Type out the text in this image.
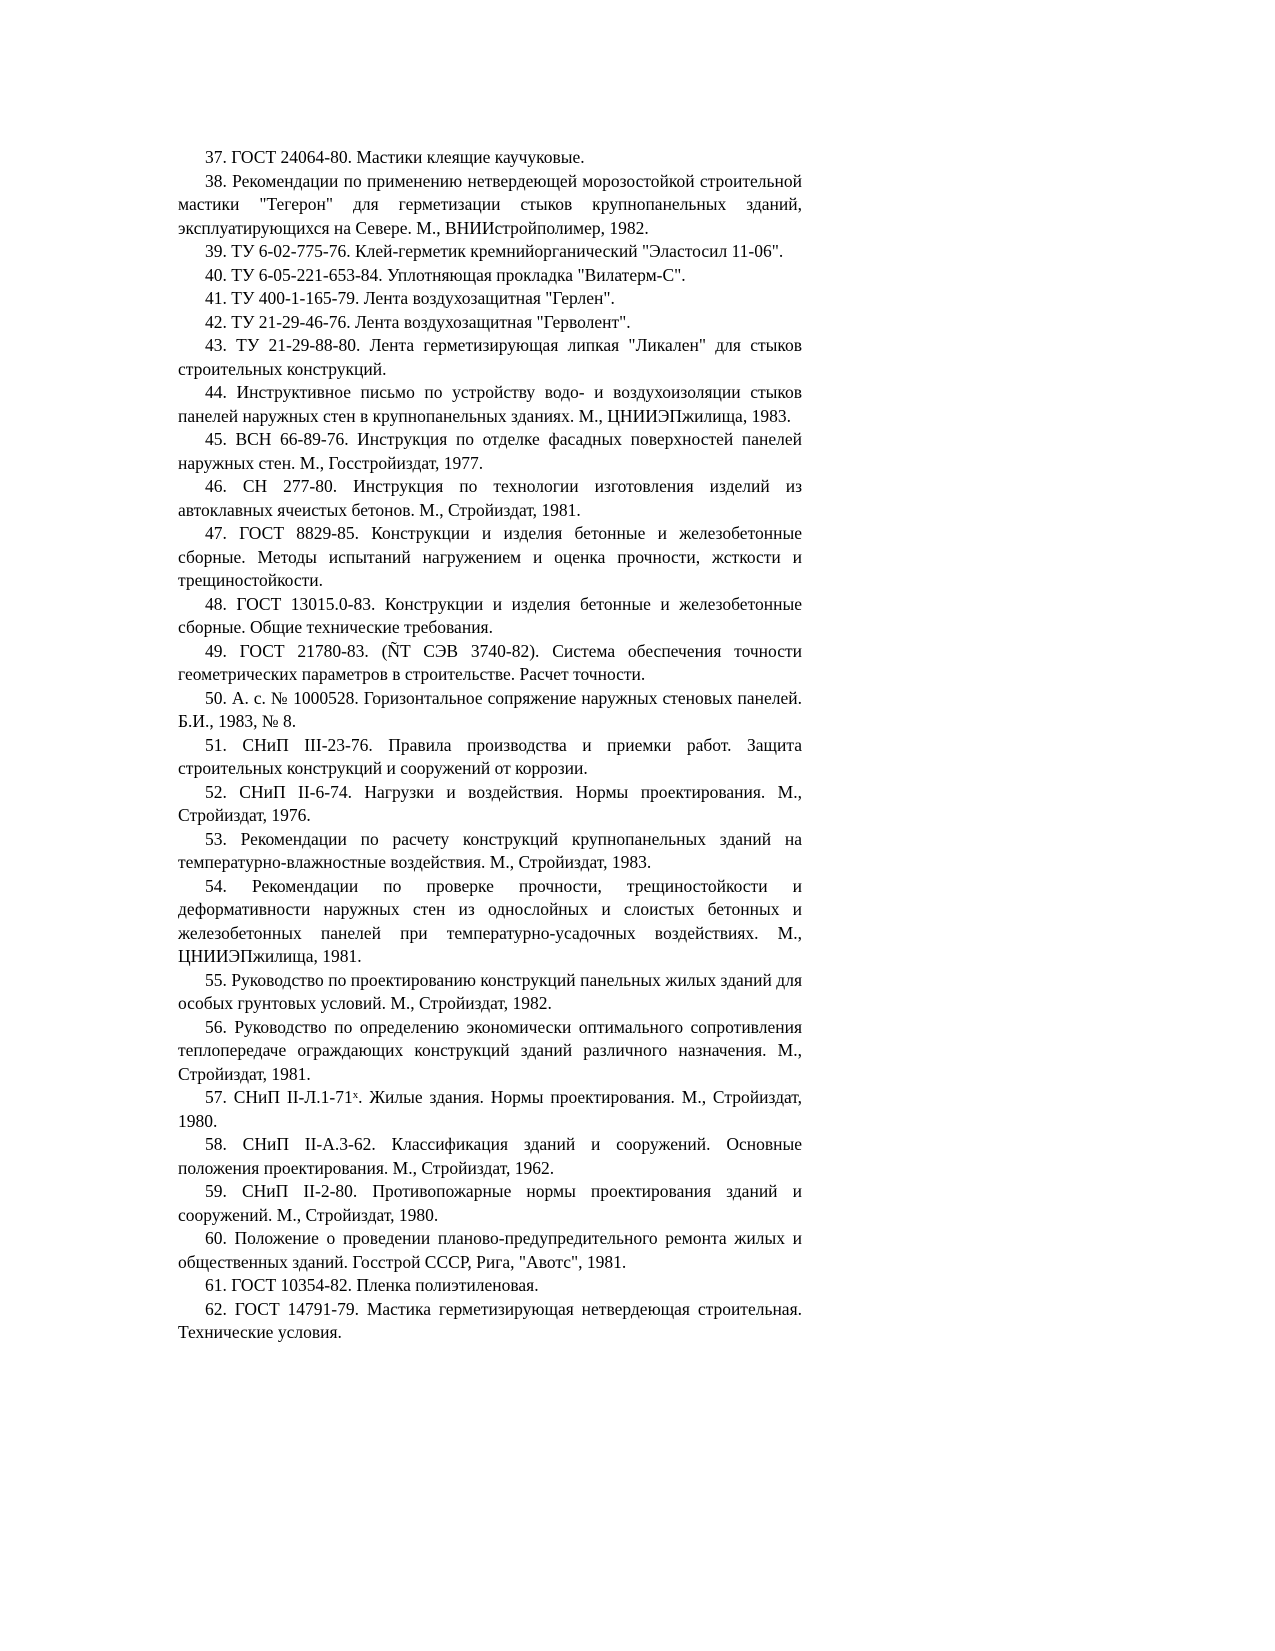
37. ГОСТ 24064-80. Мастики клеящие каучуковые.

38. Рекомендации по применению нетвердеющей морозостойкой строительной мастики "Тегерон" для герметизации стыков крупнопанельных зданий, эксплуатирующихся на Севере. М., ВНИИстройполимер, 1982.

39. ТУ 6-02-775-76. Клей-герметик кремнийорганический "Эластосил 11-06".

40. ТУ 6-05-221-653-84. Уплотняющая прокладка "Вилатерм-С".

41. ТУ 400-1-165-79. Лента воздухозащитная "Герлен".

42. ТУ 21-29-46-76. Лента воздухозащитная "Герволент".

43. ТУ 21-29-88-80. Лента герметизирующая липкая "Ликален" для стыков строительных конструкций.

44. Инструктивное письмо по устройству водо- и воздухоизоляции стыков панелей наружных стен в крупнопанельных зданиях. М., ЦНИИЭПжилища, 1983.

45. ВСН 66-89-76. Инструкция по отделке фасадных поверхностей панелей наружных стен. М., Госстройиздат, 1977.

46. СН 277-80. Инструкция по технологии изготовления изделий из автоклавных ячеистых бетонов. М., Стройиздат, 1981.

47. ГОСТ 8829-85. Конструкции и изделия бетонные и железобетонные сборные. Методы испытаний нагружением и оценка прочности, жсткости и трещиностойкости.

48. ГОСТ 13015.0-83. Конструкции и изделия бетонные и железобетонные сборные. Общие технические требования.

49. ГОСТ 21780-83. (ÑT СЭВ 3740-82). Система обеспечения точности геометрических параметров в строительстве. Расчет точности.

50. А. с. № 1000528. Горизонтальное сопряжение наружных стеновых панелей. Б.И., 1983, № 8.

51. СНиП III-23-76. Правила производства и приемки работ. Защита строительных конструкций и сооружений от коррозии.

52. СНиП II-6-74. Нагрузки и воздействия. Нормы проектирования. М., Стройиздат, 1976.

53. Рекомендации по расчету конструкций крупнопанельных зданий на температурно-влажностные воздействия. М., Стройиздат, 1983.

54. Рекомендации по проверке прочности, трещиностойкости и деформативности наружных стен из однослойных и слоистых бетонных и железобетонных панелей при температурно-усадочных воздействиях. М., ЦНИИЭПжилища, 1981.

55. Руководство по проектированию конструкций панельных жилых зданий для особых грунтовых условий. М., Стройиздат, 1982.

56. Руководство по определению экономически оптимального сопротивления теплопередаче ограждающих конструкций зданий различного назначения. М., Стройиздат, 1981.

57. СНиП $II-Л.1-71^х$. Жилые здания. Нормы проектирования. М., Стройиздат, 1980.

58. СНиП II-А.3-62. Классификация зданий и сооружений. Основные положения проектирования. М., Стройиздат, 1962.

59. СНиП II-2-80. Противопожарные нормы проектирования зданий и сооружений. М., Стройиздат, 1980.

60. Положение о проведении планово-предупредительного ремонта жилых и общественных зданий. Госстрой СССР, Рига, "Авотс", 1981.

61. ГОСТ 10354-82. Пленка полиэтиленовая.

62. ГОСТ 14791-79. Мастика герметизирующая нетвердеющая строительная. Технические условия.
